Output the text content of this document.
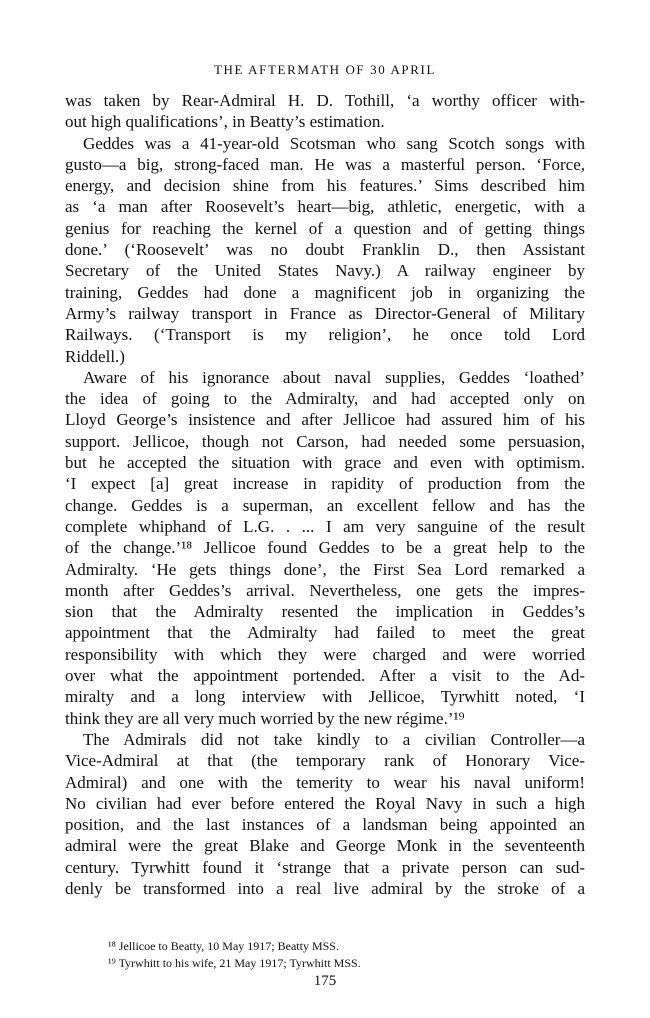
THE AFTERMATH OF 30 APRIL

was taken by Rear-Admiral H. D. Tothill, ‘a worthy officer with-
out high qualifications’, in Beatty’s estimation.
Geddes was a 41-year-old Scotsman who sang Scotch songs with
gusto—a big, strong-faced man. He was a masterful person. ‘Force,
energy, and decision shine from his features.’ Sims described him
as ‘a man after Roosevelt’s heart—big, athletic, energetic, with a
genius for reaching the kernel of a question and of getting things
done.’ (‘Roosevelt’ was no doubt Franklin D., then Assistant
Secretary of the United States Navy.) A railway engineer by
training, Geddes had done a magnificent job in organizing the
Army’s railway transport in France as Director-General of Military
Railways. (‘Transport is my religion’, he once told Lord
Riddell.)
Aware of his ignorance about naval supplies, Geddes ‘loathed’
the idea of going to the Admiralty, and had accepted only on
Lloyd George’s insistence and after Jellicoe had assured him of his
support. Jellicoe, though not Carson, had needed some persuasion,
but he accepted the situation with grace and even with optimism.
‘I expect [a] great increase in rapidity of production from the
change. Geddes is a superman, an excellent fellow and has the
complete whiphand of L.G. . ... I am very sanguine of the result
of the change.’¹⁸ Jellicoe found Geddes to be a great help to the
Admiralty. ‘He gets things done’, the First Sea Lord remarked a
month after Geddes’s arrival. Nevertheless, one gets the impres-
sion that the Admiralty resented the implication in Geddes’s
appointment that the Admiralty had failed to meet the great
responsibility with which they were charged and were worried
over what the appointment portended. After a visit to the Ad-
miralty and a long interview with Jellicoe, Tyrwhitt noted, ‘I
think they are all very much worried by the new régime.’¹⁹
The Admirals did not take kindly to a civilian Controller—a
Vice-Admiral at that (the temporary rank of Honorary Vice-
Admiral) and one with the temerity to wear his naval uniform!
No civilian had ever before entered the Royal Navy in such a high
position, and the last instances of a landsman being appointed an
admiral were the great Blake and George Monk in the seventeenth
century. Tyrwhitt found it ‘strange that a private person can sud-
denly be transformed into a real live admiral by the stroke of a

¹⁸ Jellicoe to Beatty, 10 May 1917; Beatty MSS.
¹⁹ Tyrwhitt to his wife, 21 May 1917; Tyrwhitt MSS.
175
